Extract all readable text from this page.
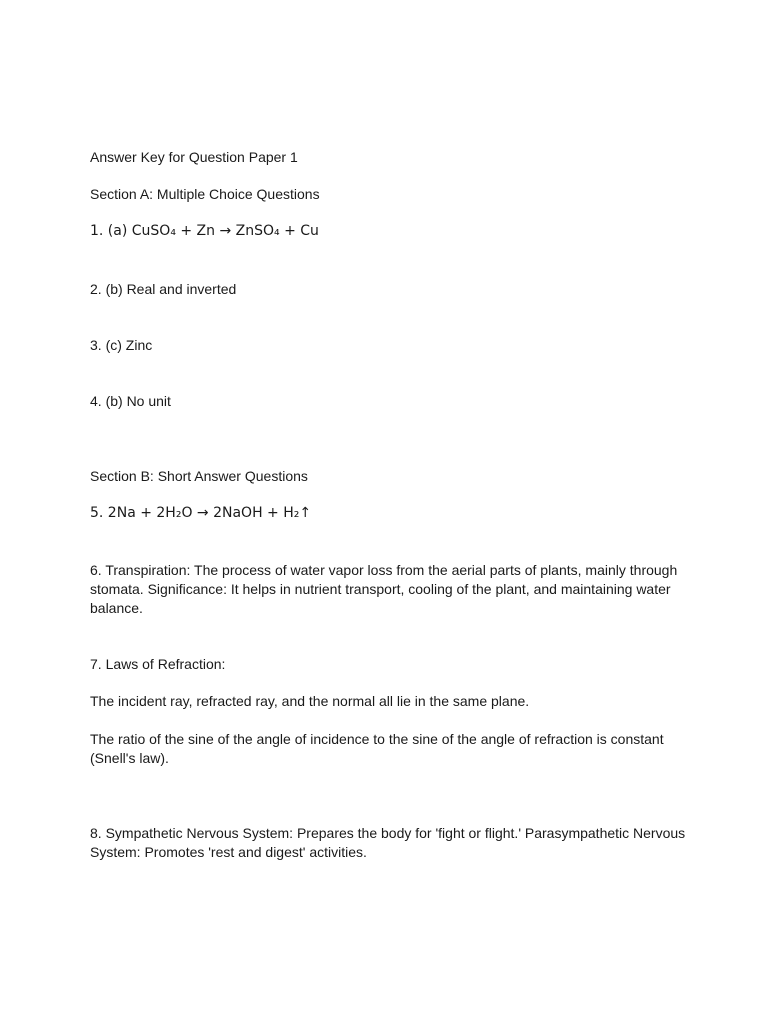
Answer Key for Question Paper 1
Section A: Multiple Choice Questions
1. (a) CuSO₄ + Zn → ZnSO₄ + Cu
2. (b) Real and inverted
3. (c) Zinc
4. (b) No unit
Section B: Short Answer Questions
5. 2Na + 2H₂O → 2NaOH + H₂↑
6. Transpiration: The process of water vapor loss from the aerial parts of plants, mainly through stomata. Significance: It helps in nutrient transport, cooling of the plant, and maintaining water balance.
7. Laws of Refraction:
The incident ray, refracted ray, and the normal all lie in the same plane.
The ratio of the sine of the angle of incidence to the sine of the angle of refraction is constant (Snell's law).
8. Sympathetic Nervous System: Prepares the body for 'fight or flight.' Parasympathetic Nervous System: Promotes 'rest and digest' activities.
